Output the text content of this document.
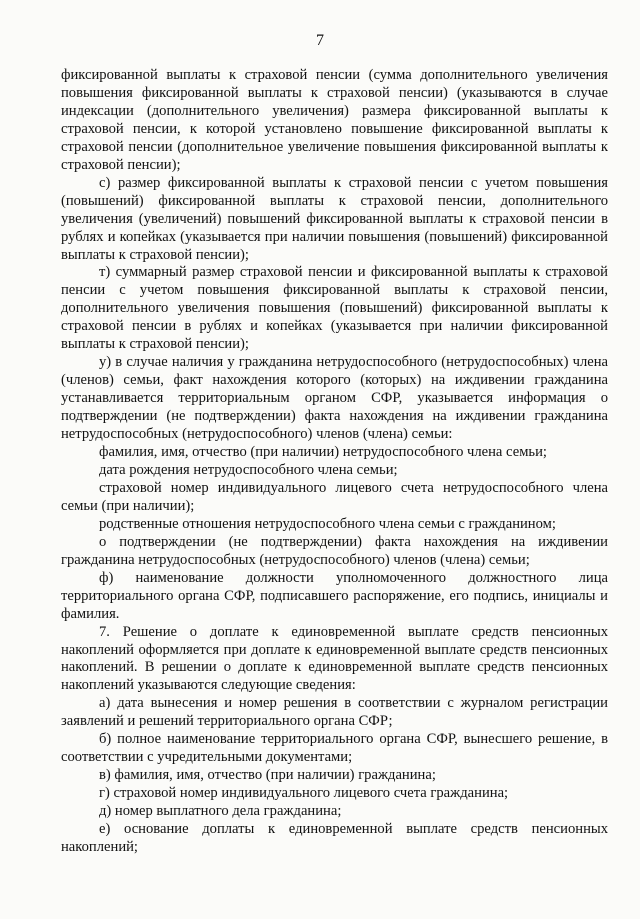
7

фиксированной выплаты к страховой пенсии (сумма дополнительного увеличения повышения фиксированной выплаты к страховой пенсии) (указываются в случае индексации (дополнительного увеличения) размера фиксированной выплаты к страховой пенсии, к которой установлено повышение фиксированной выплаты к страховой пенсии (дополнительное увеличение повышения фиксированной выплаты к страховой пенсии);

с) размер фиксированной выплаты к страховой пенсии с учетом повышения (повышений) фиксированной выплаты к страховой пенсии, дополнительного увеличения (увеличений) повышений фиксированной выплаты к страховой пенсии в рублях и копейках (указывается при наличии повышения (повышений) фиксированной выплаты к страховой пенсии);

т) суммарный размер страховой пенсии и фиксированной выплаты к страховой пенсии с учетом повышения фиксированной выплаты к страховой пенсии, дополнительного увеличения повышения (повышений) фиксированной выплаты к страховой пенсии в рублях и копейках (указывается при наличии фиксированной выплаты к страховой пенсии);

у) в случае наличия у гражданина нетрудоспособного (нетрудоспособных) члена (членов) семьи, факт нахождения которого (которых) на иждивении гражданина устанавливается территориальным органом СФР, указывается информация о подтверждении (не подтверждении) факта нахождения на иждивении гражданина нетрудоспособных (нетрудоспособного) членов (члена) семьи:

фамилия, имя, отчество (при наличии) нетрудоспособного члена семьи;

дата рождения нетрудоспособного члена семьи;

страховой номер индивидуального лицевого счета нетрудоспособного члена семьи (при наличии);

родственные отношения нетрудоспособного члена семьи с гражданином;

о подтверждении (не подтверждении) факта нахождения на иждивении гражданина нетрудоспособных (нетрудоспособного) членов (члена) семьи;

ф) наименование должности уполномоченного должностного лица территориального органа СФР, подписавшего распоряжение, его подпись, инициалы и фамилия.

7. Решение о доплате к единовременной выплате средств пенсионных накоплений оформляется при доплате к единовременной выплате средств пенсионных накоплений. В решении о доплате к единовременной выплате средств пенсионных накоплений указываются следующие сведения:

а) дата вынесения и номер решения в соответствии с журналом регистрации заявлений и решений территориального органа СФР;

б) полное наименование территориального органа СФР, вынесшего решение, в соответствии с учредительными документами;

в) фамилия, имя, отчество (при наличии) гражданина;

г) страховой номер индивидуального лицевого счета гражданина;

д) номер выплатного дела гражданина;

е) основание доплаты к единовременной выплате средств пенсионных накоплений;
